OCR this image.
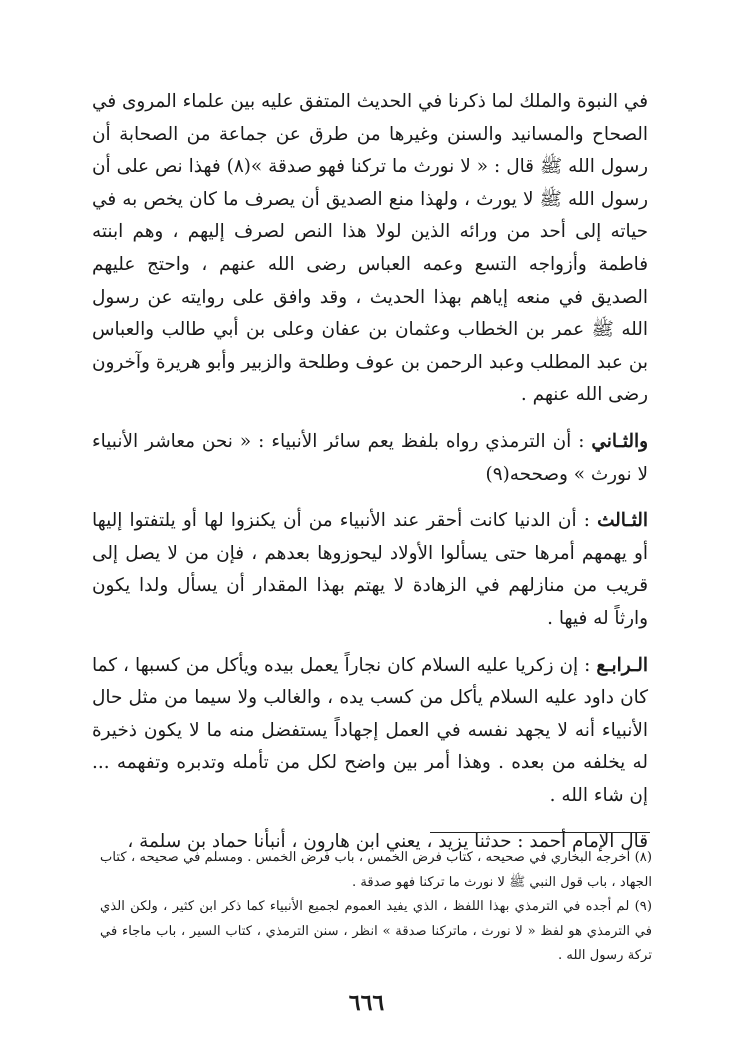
في النبوة والملك لما ذكرنا في الحديث المتفق عليه بين علماء المروى في الصحاح والمسانيد والسنن وغيرها من طرق عن جماعة من الصحابة أن رسول الله ﷺ قال : « لا نورث ما تركنا فهو صدقة »(٨) فهذا نص على أن رسول الله ﷺ لا يورث ، ولهذا منع الصديق أن يصرف ما كان يخص به في حياته إلى أحد من ورائه الذين لولا هذا النص لصرف إليهم ، وهم ابنته فاطمة وأزواجه التسع وعمه العباس رضى الله عنهم ، واحتج عليهم الصديق في منعه إياهم بهذا الحديث ، وقد وافق على روايته عن رسول الله ﷺ عمر بن الخطاب وعثمان بن عفان وعلى بن أبي طالب والعباس بن عبد المطلب وعبد الرحمن بن عوف وطلحة والزبير وأبو هريرة وآخرون رضى الله عنهم .

والثـاني : أن الترمذي رواه بلفظ يعم سائر الأنبياء : « نحن معاشر الأنبياء لا نورث » وصححه(٩)

الثـالث : أن الدنيا كانت أحقر عند الأنبياء من أن يكنزوا لها أو يلتفتوا إليها أو يهمهم أمرها حتى يسألوا الأولاد ليحوزوها بعدهم ، فإن من لا يصل إلى قريب من منازلهم في الزهادة لا يهتم بهذا المقدار أن يسأل ولدا يكون وارثاً له فيها .

الـرابـع : إن زكريا عليه السلام كان نجاراً يعمل بيده ويأكل من كسبها ، كما كان داود عليه السلام يأكل من كسب يده ، والغالب ولا سيما من مثل حال الأنبياء أنه لا يجهد نفسه في العمل إجهاداً يستفضل منه ما لا يكون ذخيرة له يخلفه من بعده . وهذا أمر بين واضح لكل من تأمله وتدبره وتفهمه ... إن شاء الله .

قال الإمام أحمد : حدثنا يزيد ، يعني ابن هارون ، أنبأنا حماد بن سلمة ،

(٨) أخرجه البخاري في صحيحه ، كتاب فرض الخمس ، باب فرض الخمس . ومسلم في صحيحه ، كتاب الجهاد ، باب قول النبي ﷺ لا نورث ما تركنا فهو صدقة .

(٩) لم أجده في الترمذي بهذا اللفظ ، الذي يفيد العموم لجميع الأنبياء كما ذكر ابن كثير ، ولكن الذي في الترمذي هو لفظ « لا نورث ، ماتركنا صدقة » انظر ، سنن الترمذي ، كتاب السير ، باب ماجاء في تركة رسول الله .

٦٦٦
